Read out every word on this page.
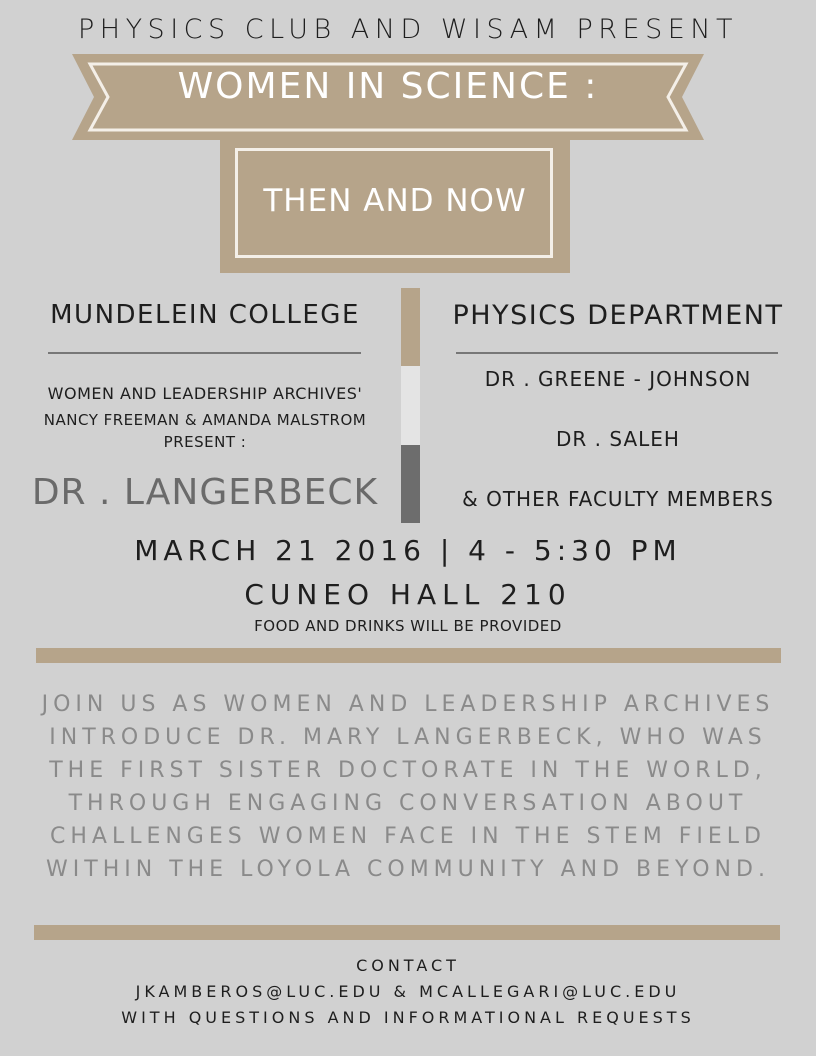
PHYSICS CLUB AND WISAM PRESENT
WOMEN IN SCIENCE :
THEN AND NOW
MUNDELEIN COLLEGE
WOMEN AND LEADERSHIP ARCHIVES'
NANCY FREEMAN & AMANDA MALSTROM
PRESENT :
DR . LANGERBECK
PHYSICS DEPARTMENT
DR . GREENE - JOHNSON
DR . SALEH
& OTHER FACULTY MEMBERS
MARCH 21 2016 | 4 - 5:30 PM
CUNEO HALL 210
FOOD AND DRINKS WILL BE PROVIDED
JOIN US AS WOMEN AND LEADERSHIP ARCHIVES
INTRODUCE DR. MARY LANGERBECK, WHO WAS
THE FIRST SISTER DOCTORATE IN THE WORLD,
THROUGH ENGAGING CONVERSATION ABOUT
CHALLENGES WOMEN FACE IN THE STEM FIELD
WITHIN THE LOYOLA COMMUNITY AND BEYOND.
CONTACT
JKAMBEROS@LUC.EDU & MCALLEGARI@LUC.EDU
WITH QUESTIONS AND INFORMATIONAL REQUESTS
